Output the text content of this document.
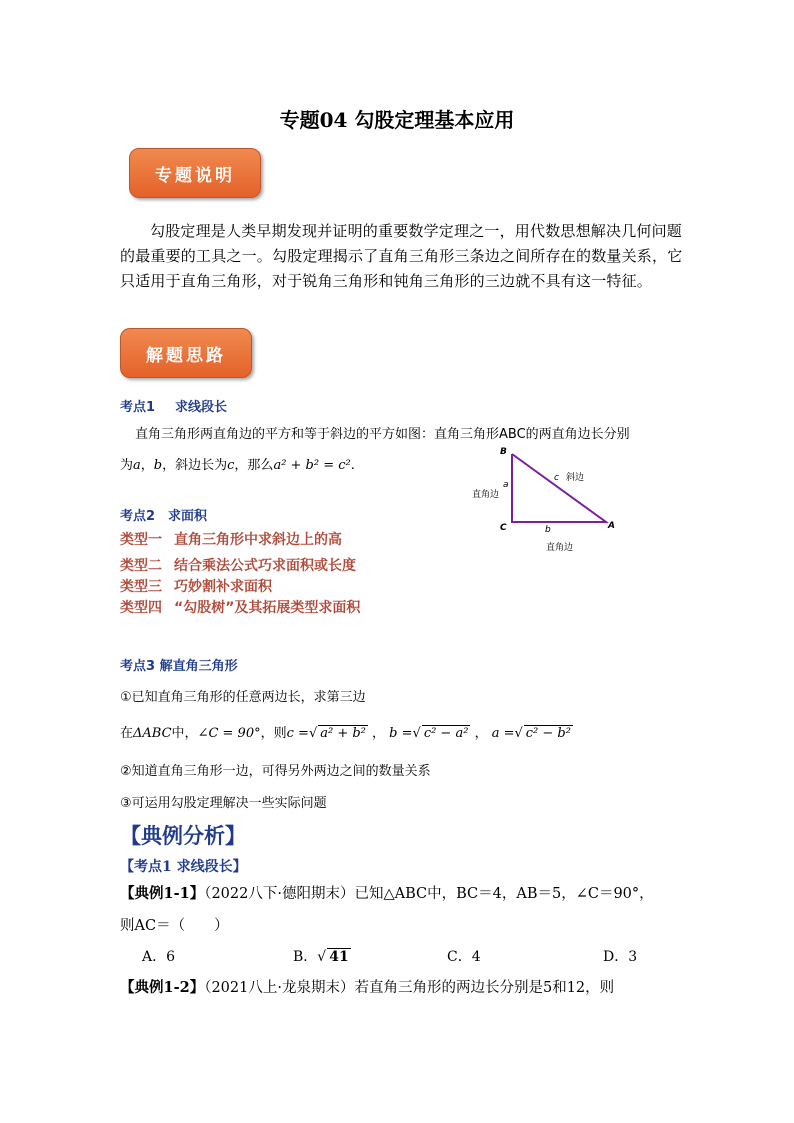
专题04 勾股定理基本应用
专题说明
勾股定理是人类早期发现并证明的重要数学定理之一，用代数思想解决几何问题的最重要的工具之一。勾股定理揭示了直角三角形三条边之间所存在的数量关系，它只适用于直角三角形，对于锐角三角形和钝角三角形的三边就不具有这一特征。
解题思路
考点1 求线段长
直角三角形两直角边的平方和等于斜边的平方如图：直角三角形ABC的两直角边长分别
为a，b，斜边长为c，那么a² + b² = c².
B
C	A
a
直角边
c 斜边
b
直角边
考点2　求面积
类型一 直角三角形中求斜边上的高
类型二 结合乘法公式巧求面积或长度
类型三 巧妙割补求面积
类型四 “勾股树”及其拓展类型求面积
考点3 解直角三角形
①已知直角三角形的任意两边长，求第三边
在ΔABC中，∠C = 90°，则c =√ a² + b² ， b =√ c² − a² ， a =√ c² − b²
②知道直角三角形一边，可得另外两边之间的数量关系
③可运用勾股定理解决一些实际问题
【典例分析】
【考点1 求线段长】
【典例1-1】（2022八下·德阳期末）已知△ABC中，BC＝4，AB＝5，∠C＝90°，
则AC＝（　　）
A．6	B．√ 41	C．4	D．3
【典例1-2】（2021八上·龙泉期末）若直角三角形的两边长分别是5和12，则
